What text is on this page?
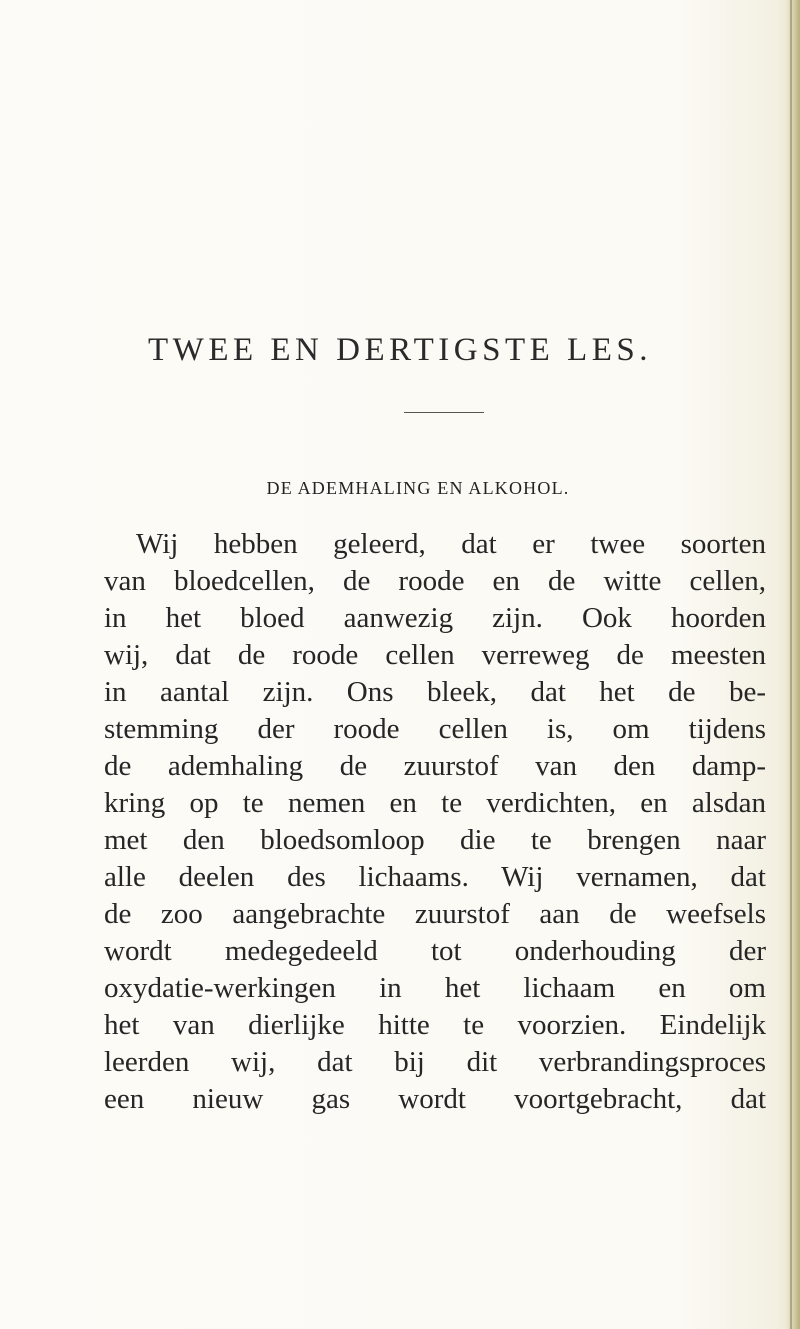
TWEE EN DERTIGSTE LES.
DE ADEMHALING EN ALKOHOL.
Wij hebben geleerd, dat er twee soorten
van bloedcellen, de roode en de witte cellen,
in het bloed aanwezig zijn. Ook hoorden
wij, dat de roode cellen verreweg de meesten
in aantal zijn. Ons bleek, dat het de be-
stemming der roode cellen is, om tijdens
de ademhaling de zuurstof van den damp-
kring op te nemen en te verdichten, en alsdan
met den bloedsomloop die te brengen naar
alle deelen des lichaams. Wij vernamen, dat
de zoo aangebrachte zuurstof aan de weefsels
wordt medegedeeld tot onderhouding der
oxydatie-werkingen in het lichaam en om
het van dierlijke hitte te voorzien. Eindelijk
leerden wij, dat bij dit verbrandingsproces
een nieuw gas wordt voortgebracht, dat
